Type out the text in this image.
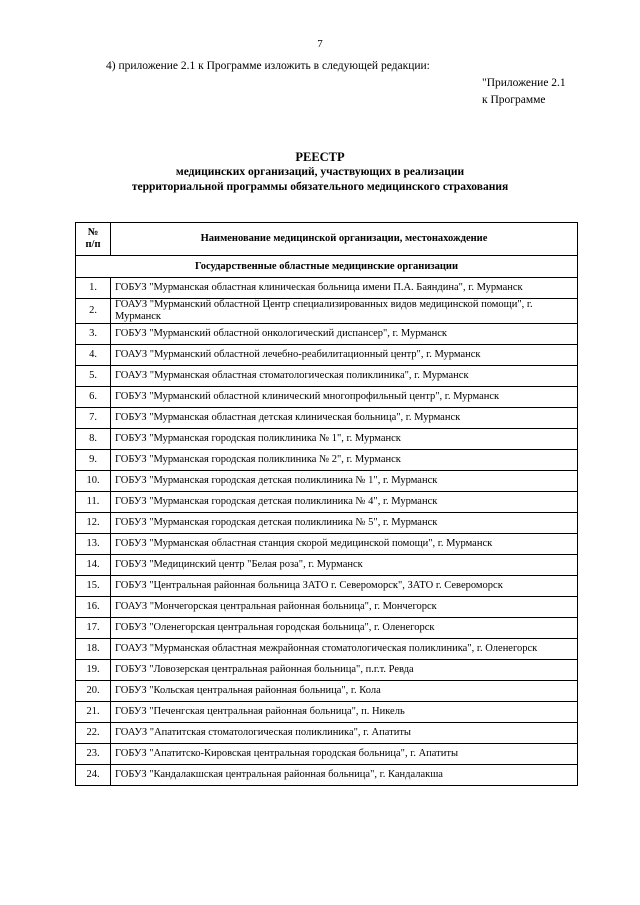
7
4) приложение 2.1 к Программе изложить в следующей редакции:
"Приложение 2.1
к Программе
РЕЕСТР
медицинских организаций, участвующих в реализации
территориальной программы обязательного медицинского страхования
№
п/п	Наименование медицинской организации, местонахождение
Государственные областные медицинские организации	
1.	ГОБУЗ "Мурманская областная клиническая больница имени П.А. Баяндина", г. Мурманск
2.	ГОАУЗ "Мурманский областной Центр специализированных видов медицинской помощи", г. Мурманск
3.	ГОБУЗ "Мурманский областной онкологический диспансер", г. Мурманск
4.	ГОАУЗ "Мурманский областной лечебно-реабилитационный центр", г. Мурманск
5.	ГОАУЗ "Мурманская областная стоматологическая поликлиника", г. Мурманск
6.	ГОБУЗ "Мурманский областной клинический многопрофильный центр", г. Мурманск
7.	ГОБУЗ "Мурманская областная детская клиническая больница", г. Мурманск
8.	ГОБУЗ "Мурманская городская поликлиника № 1", г. Мурманск
9.	ГОБУЗ "Мурманская городская поликлиника № 2", г. Мурманск
10.	ГОБУЗ "Мурманская городская детская поликлиника № 1", г. Мурманск
11.	ГОБУЗ "Мурманская городская детская поликлиника № 4", г. Мурманск
12.	ГОБУЗ "Мурманская городская детская поликлиника № 5", г. Мурманск
13.	ГОБУЗ "Мурманская областная станция скорой медицинской помощи", г. Мурманск
14.	ГОБУЗ "Медицинский центр "Белая роза", г. Мурманск
15.	ГОБУЗ "Центральная районная больница ЗАТО г. Североморск", ЗАТО г. Североморск
16.	ГОАУЗ "Мончегорская центральная районная больница", г. Мончегорск
17.	ГОБУЗ "Оленегорская центральная городская больница", г. Оленегорск
18.	ГОАУЗ "Мурманская областная межрайонная стоматологическая поликлиника", г. Оленегорск
19.	ГОБУЗ "Ловозерская центральная районная больница", п.г.т. Ревда
20.	ГОБУЗ "Кольская центральная районная больница", г. Кола
21.	ГОБУЗ "Печенгская центральная районная больница", п. Никель
22.	ГОАУЗ "Апатитская стоматологическая поликлиника", г. Апатиты
23.	ГОБУЗ "Апатитско-Кировская центральная городская больница", г. Апатиты
24.	ГОБУЗ "Кандалакшская центральная районная больница", г. Кандалакша
